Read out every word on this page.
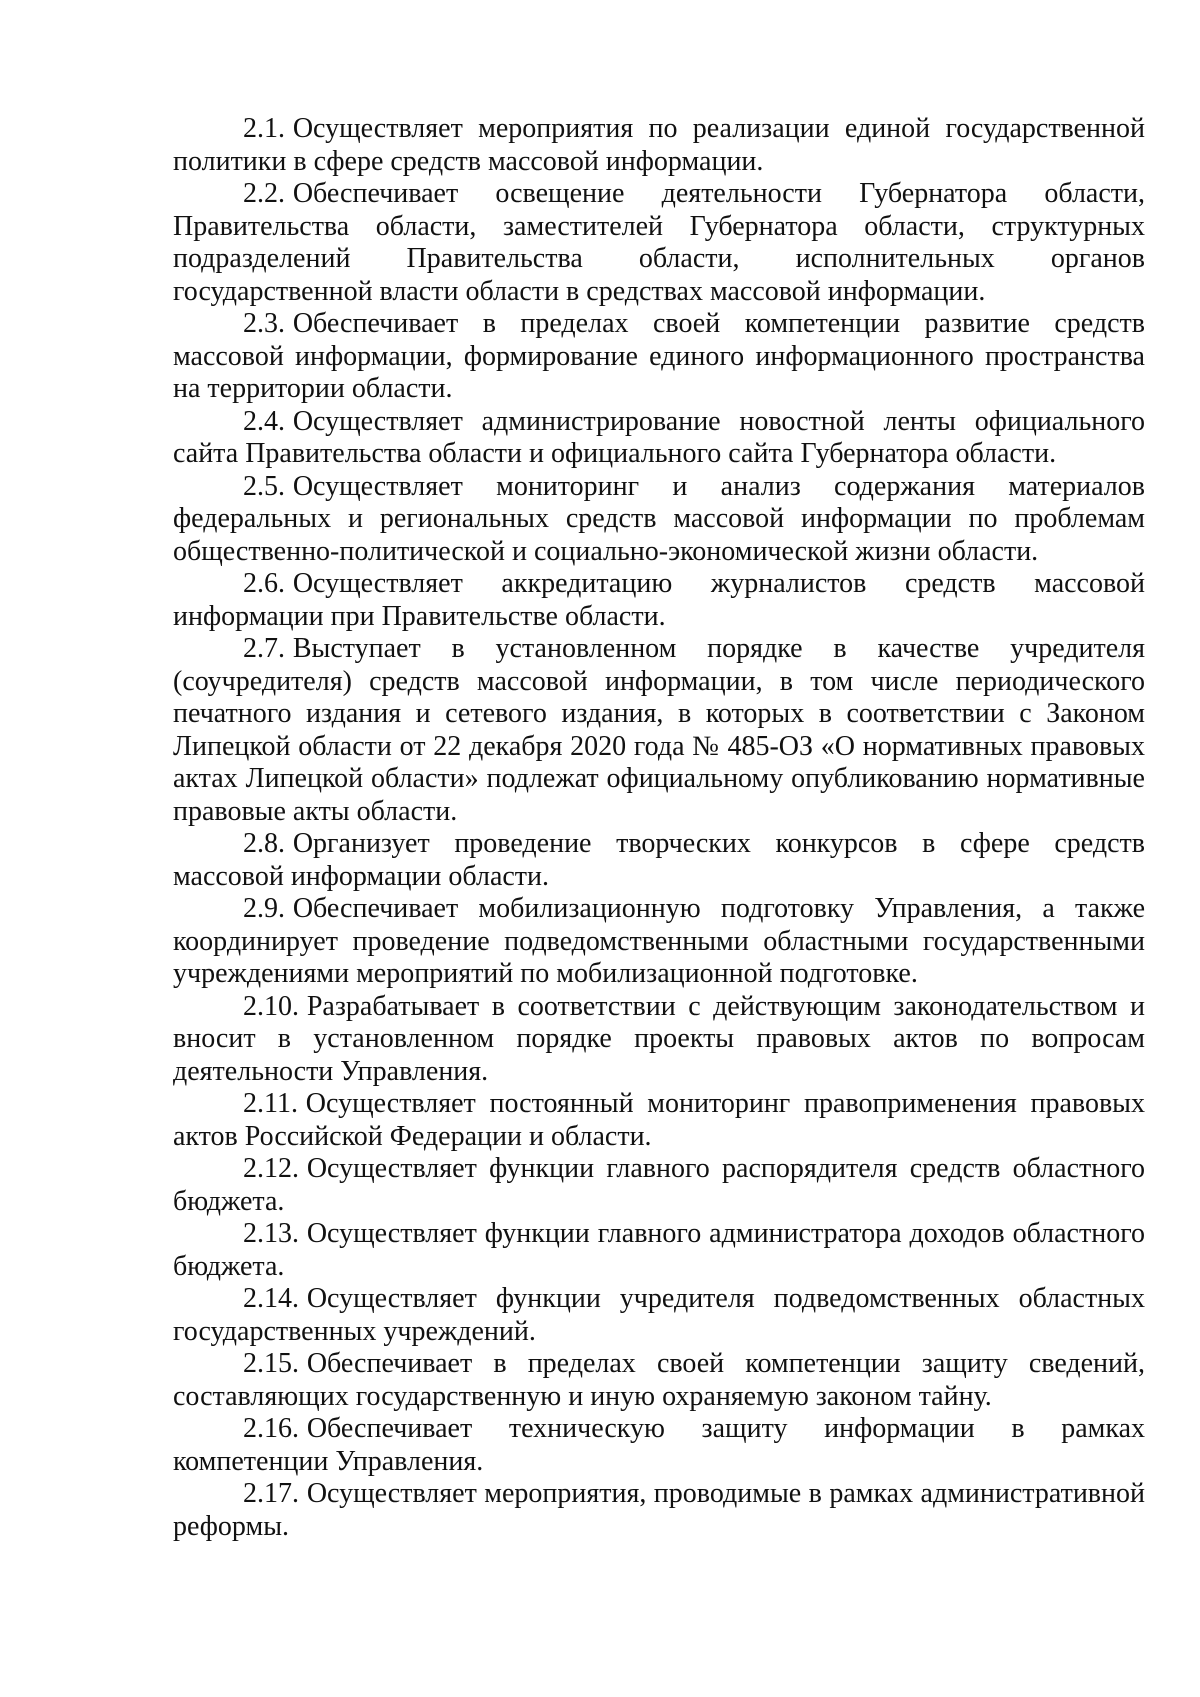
2.1. Осуществляет мероприятия по реализации единой государственной политики в сфере средств массовой информации.

2.2. Обеспечивает освещение деятельности Губернатора области, Правительства области, заместителей Губернатора области, структурных подразделений Правительства области, исполнительных органов государственной власти области в средствах массовой информации.

2.3. Обеспечивает в пределах своей компетенции развитие средств массовой информации, формирование единого информационного пространства на территории области.

2.4. Осуществляет администрирование новостной ленты официального сайта Правительства области и официального сайта Губернатора области.

2.5. Осуществляет мониторинг и анализ содержания материалов федеральных и региональных средств массовой информации по проблемам общественно-политической и социально-экономической жизни области.

2.6. Осуществляет аккредитацию журналистов средств массовой информации при Правительстве области.

2.7. Выступает в установленном порядке в качестве учредителя (соучредителя) средств массовой информации, в том числе периодического печатного издания и сетевого издания, в которых в соответствии с Законом Липецкой области от 22 декабря 2020 года № 485-ОЗ «О нормативных правовых актах Липецкой области» подлежат официальному опубликованию нормативные правовые акты области.

2.8. Организует проведение творческих конкурсов в сфере средств массовой информации области.

2.9. Обеспечивает мобилизационную подготовку Управления, а также координирует проведение подведомственными областными государственными учреждениями мероприятий по мобилизационной подготовке.

2.10. Разрабатывает в соответствии с действующим законодательством и вносит в установленном порядке проекты правовых актов по вопросам деятельности Управления.

2.11. Осуществляет постоянный мониторинг правоприменения правовых актов Российской Федерации и области.

2.12. Осуществляет функции главного распорядителя средств областного бюджета.

2.13. Осуществляет функции главного администратора доходов областного бюджета.

2.14. Осуществляет функции учредителя подведомственных областных государственных учреждений.

2.15. Обеспечивает в пределах своей компетенции защиту сведений, составляющих государственную и иную охраняемую законом тайну.

2.16. Обеспечивает техническую защиту информации в рамках компетенции Управления.

2.17. Осуществляет мероприятия, проводимые в рамках административной реформы.
